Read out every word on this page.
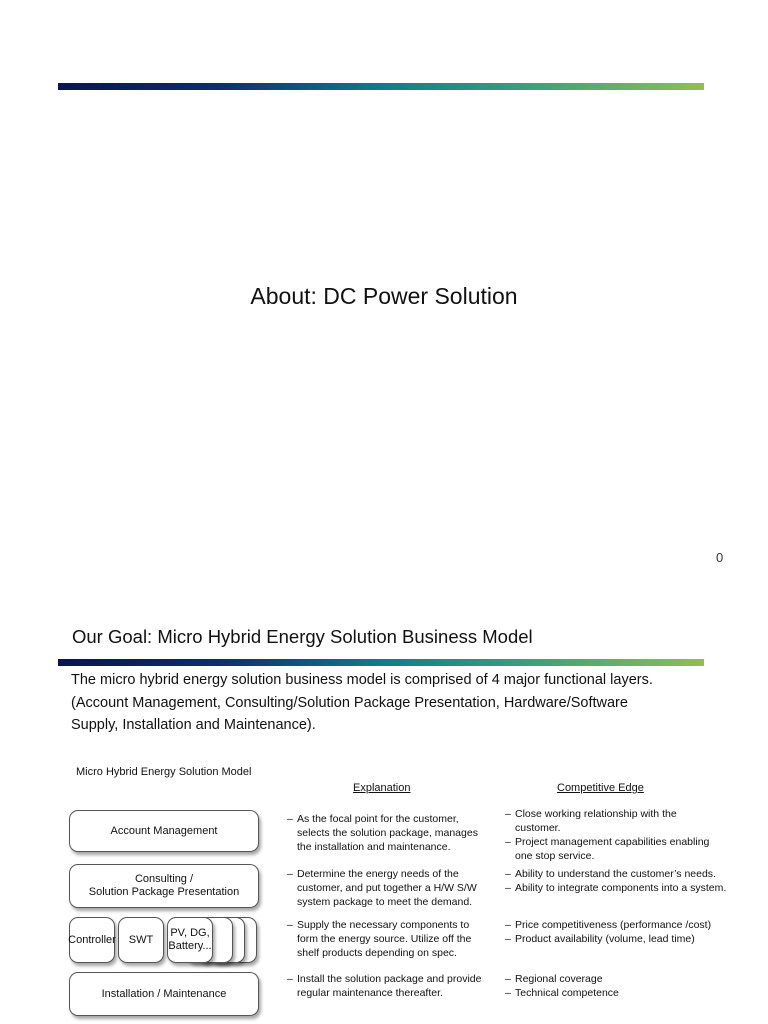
About: DC Power Solution
0
Our Goal: Micro Hybrid Energy Solution Business Model
The micro hybrid energy solution business model is comprised of 4 major functional layers.
(Account Management, Consulting/Solution Package Presentation, Hardware/Software
Supply, Installation and Maintenance).
Micro Hybrid Energy Solution Model
Explanation	Competitive Edge
Account Management
Consulting /
Solution Package Presentation
Controller SWT
PV, DG,
Battery...
Installation / Maintenance
– As the focal point for the customer, selects the solution package, manages the installation and maintenance.
– Determine the energy needs of the customer, and put together a H/W S/W system package to meet the demand.
– Supply the necessary components to form the energy source. Utilize off the shelf products depending on spec.
– Install the solution package and provide regular maintenance thereafter.
– Close working relationship with the customer.
– Project management capabilities enabling one stop service.
– Ability to understand the customer’s needs.
– Ability to integrate components into a system.
– Price competitiveness (performance /cost)
– Product availability (volume, lead time)
– Regional coverage
– Technical competence
